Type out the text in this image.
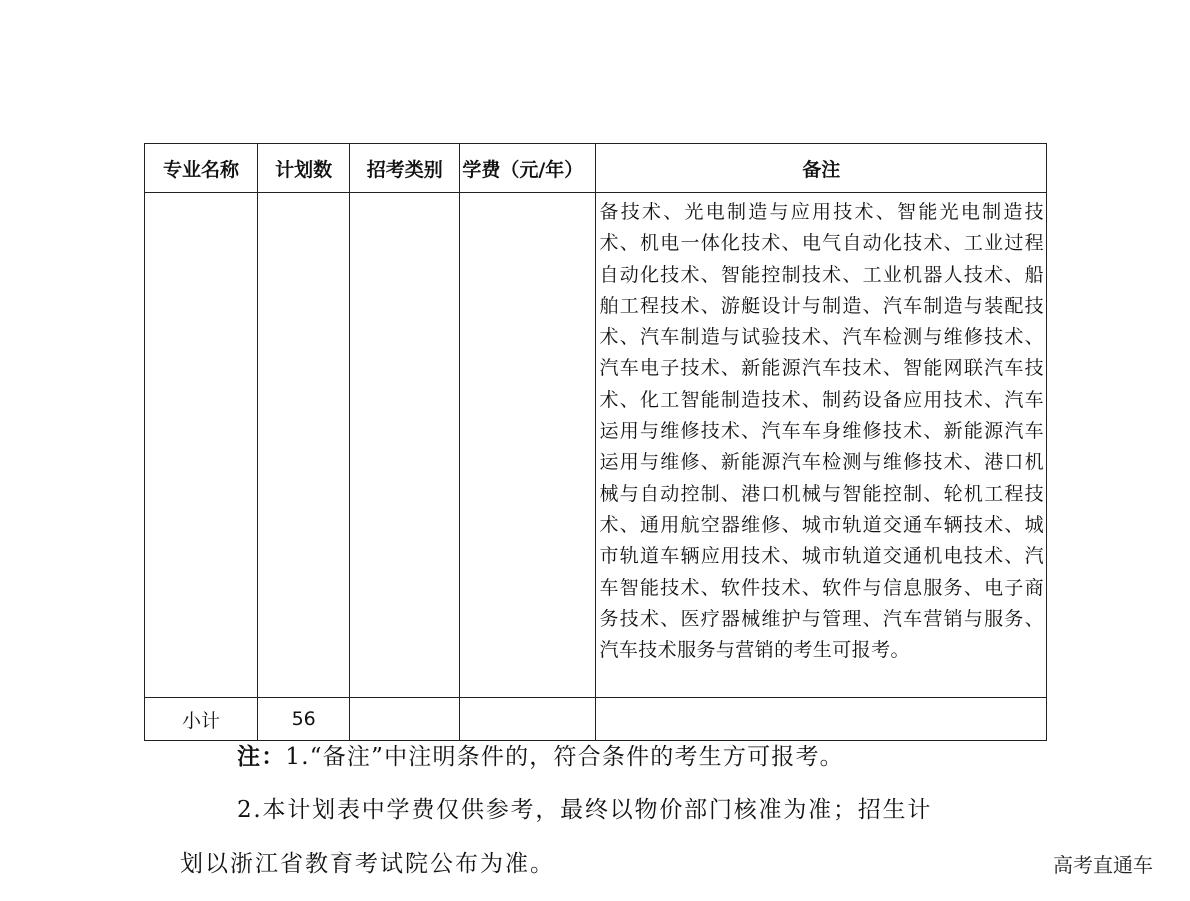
专业名称	计划数	招考类别	学费（元/年）	备注
				备技术、光电制造与应用技术、智能光电制造技术、机电一体化技术、电气自动化技术、工业过程自动化技术、智能控制技术、工业机器人技术、船舶工程技术、游艇设计与制造、汽车制造与装配技术、汽车制造与试验技术、汽车检测与维修技术、汽车电子技术、新能源汽车技术、智能网联汽车技术、化工智能制造技术、制药设备应用技术、汽车运用与维修技术、汽车车身维修技术、新能源汽车运用与维修、新能源汽车检测与维修技术、港口机械与自动控制、港口机械与智能控制、轮机工程技术、通用航空器维修、城市轨道交通车辆技术、城市轨道车辆应用技术、城市轨道交通机电技术、汽车智能技术、软件技术、软件与信息服务、电子商务技术、医疗器械维护与管理、汽车营销与服务、汽车技术服务与营销的考生可报考。
小计	56			
注：1.“备注”中注明条件的，符合条件的考生方可报考。
2.本计划表中学费仅供参考，最终以物价部门核准为准；招生计
划以浙江省教育考试院公布为准。	高考直通车
